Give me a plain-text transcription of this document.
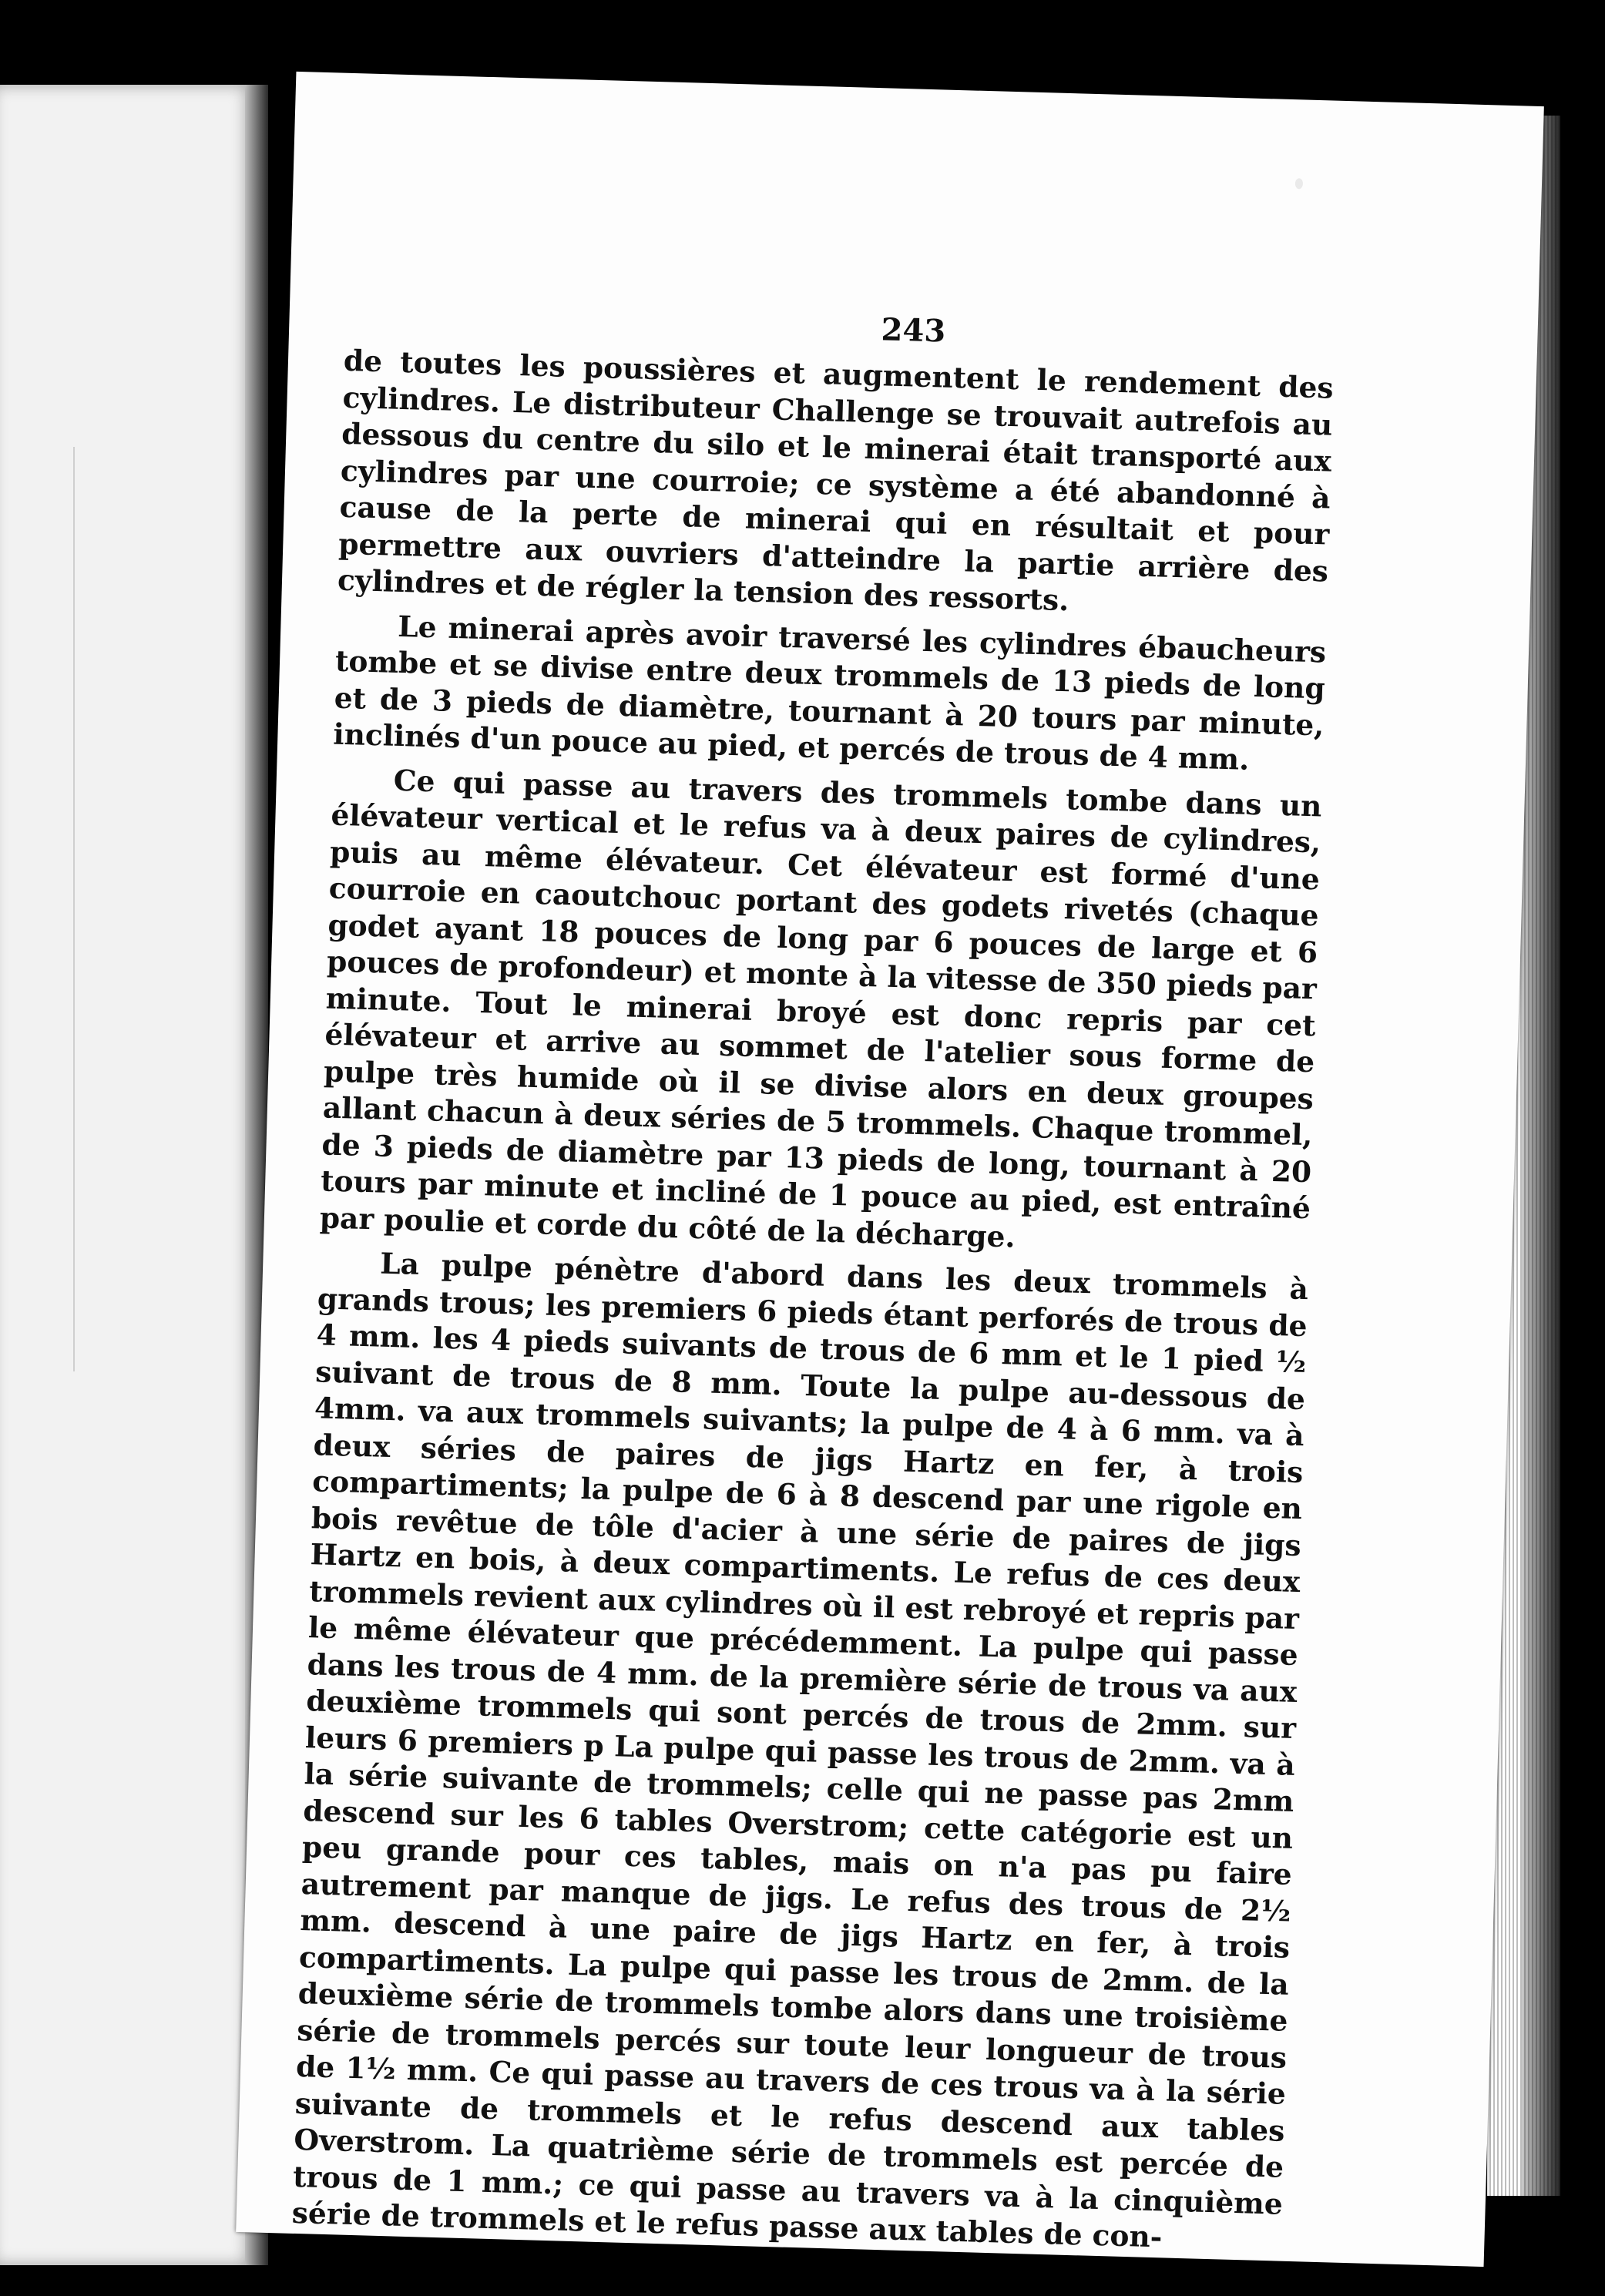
243

de toutes les poussières et augmentent le rendement des cylindres. Le distributeur Challenge se trouvait autrefois au dessous du centre du silo et le minerai était transporté aux cylindres par une courroie; ce système a été abandonné à cause de la perte de minerai qui en résultait et pour permettre aux ouvriers d'atteindre la partie arrière des cylindres et de régler la tension des ressorts.

Le minerai après avoir traversé les cylindres ébaucheurs tombe et se divise entre deux trommels de 13 pieds de long et de 3 pieds de diamètre, tournant à 20 tours par minute, inclinés d'un pouce au pied, et percés de trous de 4 mm.

Ce qui passe au travers des trommels tombe dans un élévateur vertical et le refus va à deux paires de cylindres, puis au même élévateur. Cet élévateur est formé d'une courroie en caoutchouc portant des godets rivetés (chaque godet ayant 18 pouces de long par 6 pouces de large et 6 pouces de profondeur) et monte à la vitesse de 350 pieds par minute. Tout le minerai broyé est donc repris par cet élévateur et arrive au sommet de l'atelier sous forme de pulpe très humide où il se divise alors en deux groupes allant chacun à deux séries de 5 trommels. Chaque trommel, de 3 pieds de diamètre par 13 pieds de long, tournant à 20 tours par minute et incliné de 1 pouce au pied, est entraîné par poulie et corde du côté de la décharge.

La pulpe pénètre d'abord dans les deux trommels à grands trous; les premiers 6 pieds étant perforés de trous de 4 mm. les 4 pieds suivants de trous de 6 mm et le 1 pied ½ suivant de trous de 8 mm. Toute la pulpe au-dessous de 4mm. va aux trommels suivants; la pulpe de 4 à 6 mm. va à deux séries de paires de jigs Hartz en fer, à trois compartiments; la pulpe de 6 à 8 descend par une rigole en bois revêtue de tôle d'acier à une série de paires de jigs Hartz en bois, à deux compartiments. Le refus de ces deux trommels revient aux cylindres où il est rebroyé et repris par le même élévateur que précédemment. La pulpe qui passe dans les trous de 4 mm. de la première série de trous va aux deuxième trommels qui sont percés de trous de 2mm. sur leurs 6 premiers p La pulpe qui passe les trous de 2mm. va à la série suivante de trommels; celle qui ne passe pas 2mm descend sur les 6 tables Overstrom; cette catégorie est un peu grande pour ces tables, mais on n'a pas pu faire autrement par manque de jigs. Le refus des trous de 2½ mm. descend à une paire de jigs Hartz en fer, à trois compartiments. La pulpe qui passe les trous de 2mm. de la deuxième série de trommels tombe alors dans une troisième série de trommels percés sur toute leur longueur de trous de 1½ mm. Ce qui passe au travers de ces trous va à la série suivante de trommels et le refus descend aux tables Overstrom. La quatrième série de trommels est percée de trous de 1 mm.; ce qui passe au travers va à la cinquième série de trommels et le refus passe aux tables de con-
